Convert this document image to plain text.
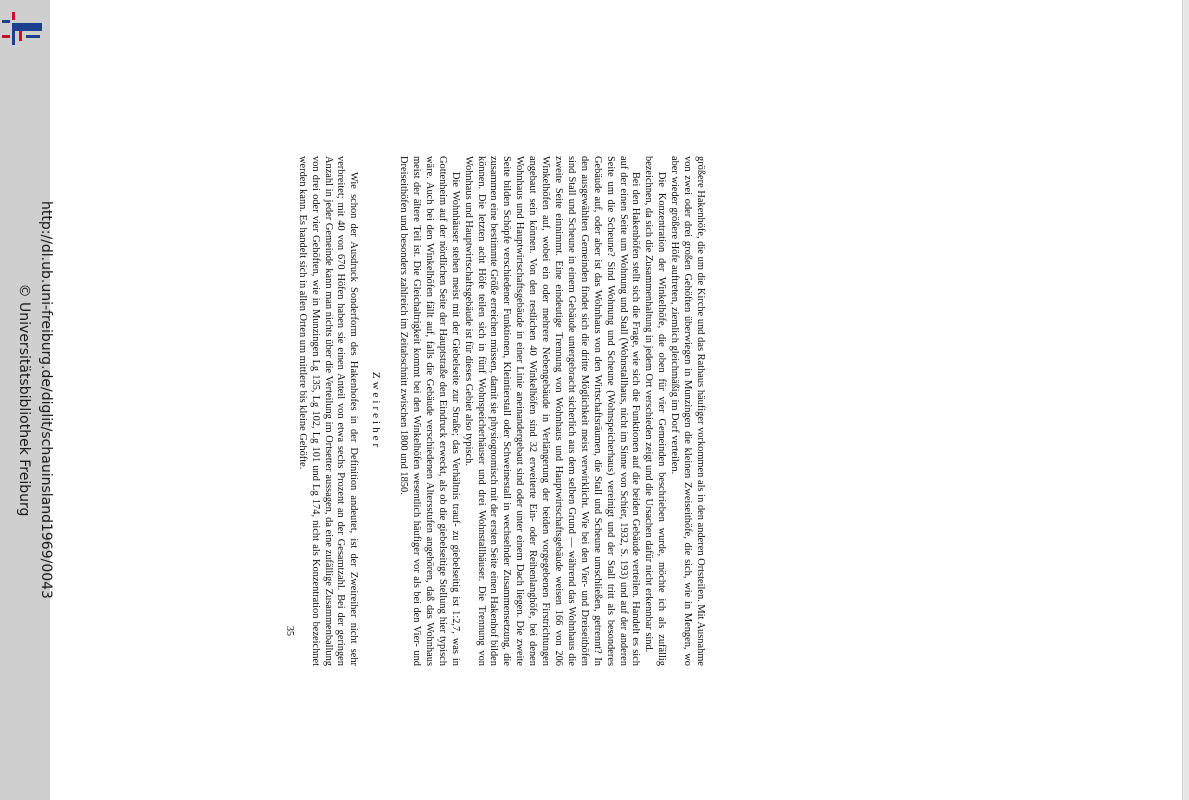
http://dl.ub.uni-freiburg.de/diglit/schauinsland1969/0043
© Universitätsbibliothek Freiburg	größere Hakenhöfe, die um die Kirche und das Rathaus häufiger vorkommen als in den anderen Ortsteilen. Mit Ausnahme von zwei oder drei großen Gehöften überwiegen in Munzingen die kleinen Zweiseithöfe, die sich, wie in Mengen, wo aber wieder größere Höfe auftreten, ziemlich gleichmäßig im Dorf verteilen.

Die Konzentration der Winkelhöfe, die oben für vier Gemeinden beschrieben wurde, möchte ich als zufällig bezeichnen, da sich die Zusammenhaltung in jedem Ort verschieden zeigt und die Ursachen dafür nicht erkennbar sind.

Bei den Hakenhöfen stellt sich die Frage, wie sich die Funktionen auf die beiden Gebäude verteilen. Handelt es sich auf der einen Seite um Wohnung und Stall (Wohnstallhaus, nicht im Sinne von Schier, 1932, S. 193) und auf der anderen Seite um die Scheune? Sind Wohnung und Scheune (Wohnspeicherhaus) vereinigt und der Stall tritt als besonderes Gebäude auf, oder aber ist das Wohnhaus von den Wirtschaftsräumen, die Stall und Scheune umschließen, getrennt? In den ausgewählten Gemeinden findet sich die dritte Möglichkeit meist verwirklicht. Wie bei den Vier- und Dreiseithöfen sind Stall und Scheune in einem Gebäude untergebracht sicherlich aus dem selben Grund — während das Wohnhaus die zweite Seite einnimmt. Eine eindeutige Trennung von Wohnhaus und Hauptwirtschaftsgebäude weisen 166 von 206 Winkelhöfen auf, wobei ein oder mehrere Nebengebäude in Verlängerung der beiden vorgegebenen Firstrichtungen angebaut sein können. Von den restlichen 40 Winkelhöfen sind 32 erweiterte Ein- oder Reihenlanghöfe, bei denen Wohnhaus und Hauptwirtschaftsgebäude in einer Linie aneinandergebaut sind oder unter einem Dach liegen. Die zweite Seite bilden Schöpfe verschiedener Funktionen, Kleintierstall oder Schweinestall in wechselnder Zusammensetzung, die zusammen eine bestimmte Größe erreichen müssen, damit sie physiognomisch mit der ersten Seite einen Hakenhof bilden können. Die letzten acht Höfe teilen sich in fünf Wohnspeicherhäuser und drei Wohnstallhäuser. Die Trennung von Wohnhaus und Hauptwirtschaftsgebäude ist für dieses Gebiet also typisch.

Die Wohnhäuser stehen meist mit der Giebelseite zur Straße; das Verhältnis trauf- zu giebelseitig ist 1:2,7, was in Gottenheim auf der nördlichen Seite der Hauptstraße den Eindruck erweckt, als ob die giebelseitige Stellung hier typisch wäre. Auch bei den Winkelhöfen fällt auf, falls die Gebäude verschiedenen Altersstufen angehören, daß das Wohnhaus meist der ältere Teil ist. Die Gleichaltrigkeit kommt bei den Winkelhöfen wesentlich häufiger vor als bei den Vier- und Dreiseithöfen und besonders zahlreich im Zeitabschnitt zwischen 1800 und 1850.

Zweireiher

Wie schon der Ausdruck Sonderform des Hakenhofes in der Definition andeutet, ist der Zweireiher nicht sehr verbreitet; mit 40 von 670 Höfen haben sie einen Anteil von etwa sechs Prozent an der Gesamtzahl. Bei der geringen Anzahl in jeder Gemeinde kann man nichts über die Verteilung im Ortsetter aussagen, da eine zufällige Zusammenballung von drei oder vier Gehöften, wie in Munzingen Lg 135, Lg 102, Lg 101 und Lg 174, nicht als Konzentration bezeichnet werden kann. Es handelt sich in allen Orten um mittlere bis kleine Gehöfte.

35
